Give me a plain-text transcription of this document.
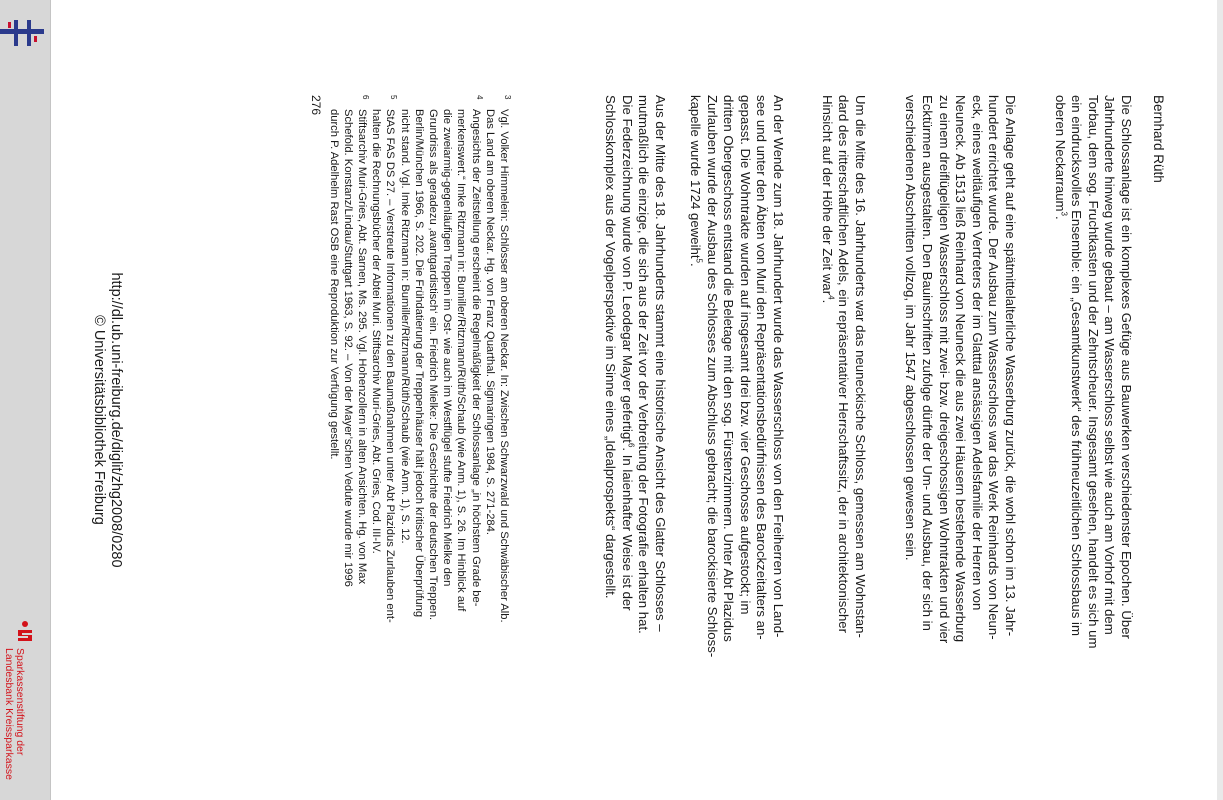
Sparkassenstiftung der
Landesbank Kreissparkasse
Bernhard Rüth
Die Schlossanlage ist ein komplexes Gefüge aus Bauwerken verschiedenster Epochen. Über
Jahrhunderte hinweg wurde gebaut – am Wasserschloss selbst wie auch am Vorhof mit dem
Torbau, dem sog. Fruchtkasten und der Zehntscheuer. Insgesamt gesehen, handelt es sich um
ein eindrucksvolles Ensemble: ein „Gesamtkunstwerk“ des frühneuzeitlichen Schlossbaus im
oberen Neckarraum$^3$.
Die Anlage geht auf eine spätmittelalterliche Wasserburg zurück, die wohl schon im 13. Jahr-
hundert errichtet wurde. Der Ausbau zum Wasserschloss war das Werk Reinhards von Neun-
eck, eines weitläufigen Vertreters der im Glatttal ansässigen Adelsfamilie der Herren von
Neuneck. Ab 1513 ließ Reinhard von Neuneck die aus zwei Häusern bestehende Wasserburg
zu einem dreiflügeligen Wasserschloss mit zwei- bzw. dreigeschossigen Wohntrakten und vier
Ecktürmen ausgestalten. Den Bauinschriften zufolge dürfte der Um- und Ausbau, der sich in
verschiedenen Abschnitten vollzog, im Jahr 1547 abgeschlossen gewesen sein.
Um die Mitte des 16. Jahrhunderts war das neuneckische Schloss, gemessen am Wohnstan-
dard des ritterschaftlichen Adels, ein repräsentativer Herrschaftssitz, der in architektonischer
Hinsicht auf der Höhe der Zeit war$^4$.
An der Wende zum 18. Jahrhundert wurde das Wasserschloss von den Freiherren von Land-
see und unter den Äbten von Muri den Repräsentationsbedürfnissen des Barockzeitalters an-
gepasst. Die Wohntrakte wurden auf insgesamt drei bzw. vier Geschosse aufgestockt; im
dritten Obergeschoss entstand die Beletage mit den sog. Fürstenzimmern. Unter Abt Plazidus
Zurlauben wurde der Ausbau des Schlosses zum Abschluss gebracht; die barockisierte Schloss-
kapelle wurde 1724 geweiht$^5$.
Aus der Mitte des 18. Jahrhunderts stammt eine historische Ansicht des Glatter Schlosses –
mutmaßlich die einzige, die sich aus der Zeit vor der Verbreitung der Fotografie erhalten hat.
Die Federzeichnung wurde von P. Leodegar Mayer gefertigt$^6$. In laienhafter Weise ist der
Schlosskomplex aus der Vogelperspektive im Sinne eines „Idealprospekts“ dargestellt.
3
Vgl. Volker Himmelein: Schlösser am oberen Neckar. In: Zwischen Schwarzwald und Schwäbischer Alb.
Das Land am oberen Neckar. Hg. von Franz Quarthal. Sigmaringen 1984, S. 271-284.
4
Angesichts der Zeitstellung erscheint die Regelmäßigkeit der Schlossanlage „in höchstem Grade be-
merkenswert.“ Imke Ritzmann in: Bumiller/Ritzmann/Rüth/Schaub (wie Anm. 1), S. 26. Im Hinblick auf
die zweiarmig-gegenläufigen Treppen im Ost- wie auch im Westflügel stufte Friedrich Mielke den
Grundriss als geradezu ‚avantgardistisch‘ ein. Friedrich Mielke: Die Geschichte der deutschen Treppen.
Berlin/München 1966, S. 202. Die Frühdatierung der Treppenhäuser hält jedoch kritischer Überprüfung
nicht stand. Vgl. Imke Ritzmann in: Bumiller/Ritzmann/Rüth/Schaub (wie Anm. 1), S. 12.
5
StAS FAS DS 27. – Verstreute Informationen zu den Baumaßnahmen unter Abt Plazidus Zurlauben ent-
halten die Rechnungsbücher der Abtei Muri. Stiftsarchiv Muri-Gries, Abt. Gries, Cod. III-IV.
6
Stiftsarchiv Muri-Gries, Abt. Sarnen, Ms. 295. Vgl. Hohenzollern in alten Ansichten. Hg. von Max
Schefold. Konstanz/Lindau/Stuttgart 1963, S. 92. – Von der Mayer’schen Vedute wurde mir 1996
durch P. Adelhelm Rast OSB eine Reproduktion zur Verfügung gestellt.
276
http://dl.ub.uni-freiburg.de/diglit/zhg2008/0280
© Universitätsbibliothek Freiburg
